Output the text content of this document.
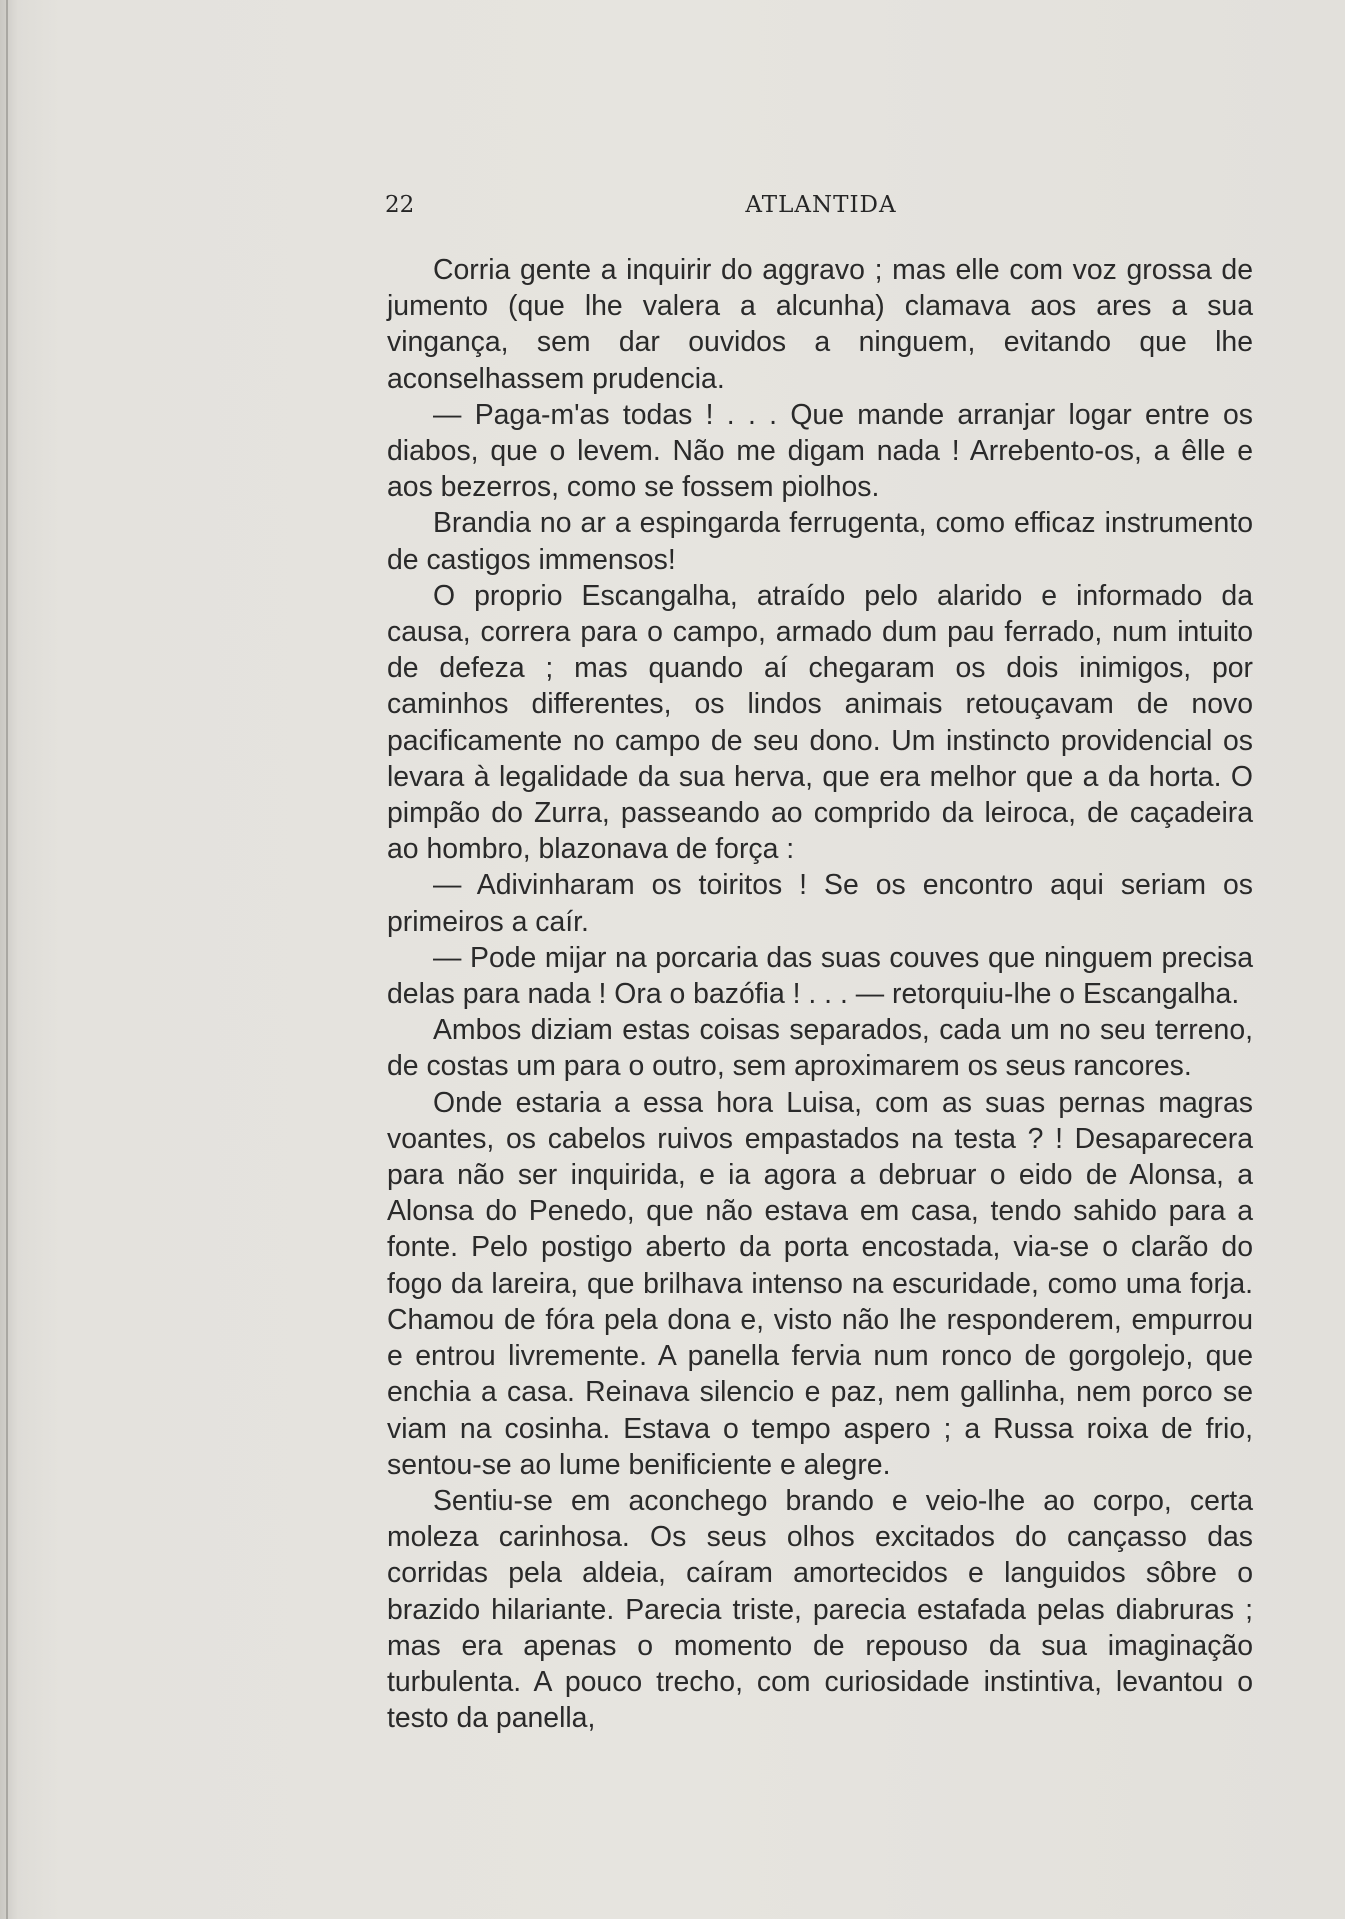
22	ATLANTIDA

Corria gente a inquirir do aggravo ; mas elle com voz grossa de jumento (que lhe valera a alcunha) clamava aos ares a sua vingança, sem dar ouvidos a ninguem, evitando que lhe aconselhassem prudencia.

— Paga-m'as todas ! . . . Que mande arranjar logar entre os diabos, que o levem. Não me digam nada ! Arrebento-os, a êlle e aos bezerros, como se fossem piolhos.

Brandia no ar a espingarda ferrugenta, como efficaz instrumento de castigos immensos!

O proprio Escangalha, atraído pelo alarido e informado da causa, correra para o campo, armado dum pau ferrado, num intuito de defeza ; mas quando aí chegaram os dois inimigos, por caminhos differentes, os lindos animais retouçavam de novo pacificamente no campo de seu dono. Um instincto providencial os levara à legalidade da sua herva, que era melhor que a da horta. O pimpão do Zurra, passeando ao comprido da leiroca, de caçadeira ao hombro, blazonava de força :

— Adivinharam os toiritos ! Se os encontro aqui seriam os primeiros a caír.

— Pode mijar na porcaria das suas couves que ninguem precisa delas para nada ! Ora o bazófia ! . . . — retorquiu-lhe o Escangalha.

Ambos diziam estas coisas separados, cada um no seu terreno, de costas um para o outro, sem aproximarem os seus rancores.

Onde estaria a essa hora Luisa, com as suas pernas magras voantes, os cabelos ruivos empastados na testa ? ! Desaparecera para não ser inquirida, e ia agora a debruar o eido de Alonsa, a Alonsa do Penedo, que não estava em casa, tendo sahido para a fonte. Pelo postigo aberto da porta encostada, via-se o clarão do fogo da lareira, que brilhava intenso na escuridade, como uma forja. Chamou de fóra pela dona e, visto não lhe responderem, empurrou e entrou livremente. A panella fervia num ronco de gorgolejo, que enchia a casa. Reinava silencio e paz, nem gallinha, nem porco se viam na cosinha. Estava o tempo aspero ; a Russa roixa de frio, sentou-se ao lume benificiente e alegre.

Sentiu-se em aconchego brando e veio-lhe ao corpo, certa moleza carinhosa. Os seus olhos excitados do cançasso das corridas pela aldeia, caíram amortecidos e languidos sôbre o brazido hilariante. Parecia triste, parecia estafada pelas diabruras ; mas era apenas o momento de repouso da sua imaginação turbulenta. A pouco trecho, com curiosidade instintiva, levantou o testo da panella,
